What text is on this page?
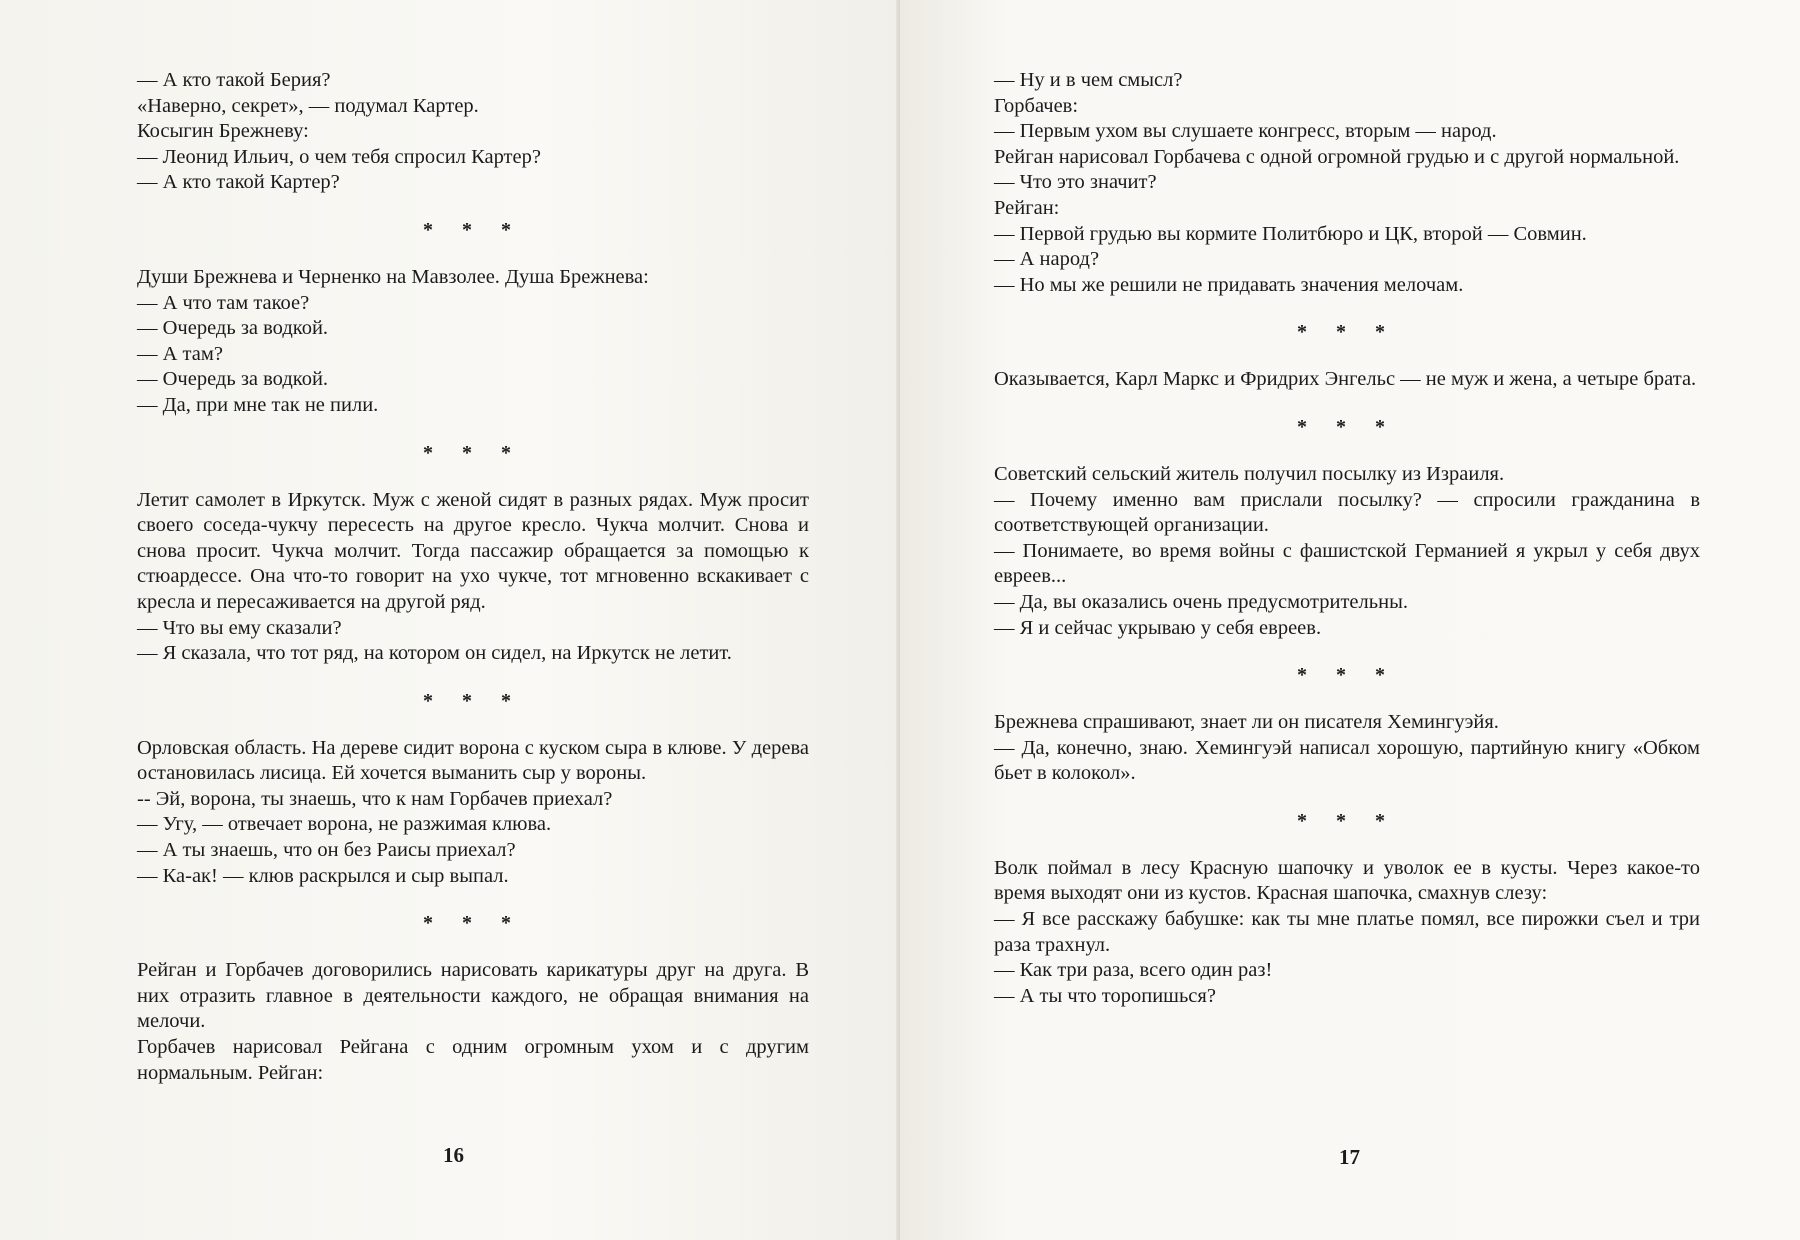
— А кто такой Берия?

«Наверно, секрет», — подумал Картер.

Косыгин Брежневу:

— Леонид Ильич, о чем тебя спросил Картер?

— А кто такой Картер?

* * *

Души Брежнева и Черненко на Мавзолее. Душа Брежнева:

— А что там такое?

— Очередь за водкой.

— А там?

— Очередь за водкой.

— Да, при мне так не пили.

* * *

Летит самолет в Иркутск. Муж с женой сидят в разных рядах. Муж просит своего соседа-чукчу пересесть на другое кресло. Чукча молчит. Снова и снова просит. Чукча молчит. Тогда пассажир обращается за помощью к стюардессе. Она что-то говорит на ухо чукче, тот мгновенно вскакивает с кресла и пересаживается на другой ряд.

— Что вы ему сказали?

— Я сказала, что тот ряд, на котором он сидел, на Иркутск не летит.

* * *

Орловская область. На дереве сидит ворона с куском сыра в клюве. У дерева остановилась лисица. Ей хочется выманить сыр у вороны.

-- Эй, ворона, ты знаешь, что к нам Горбачев приехал?

— Угу, — отвечает ворона, не разжимая клюва.

— А ты знаешь, что он без Раисы приехал?

— Ка-ак! — клюв раскрылся и сыр выпал.

* * *

Рейган и Горбачев договорились нарисовать карикатуры друг на друга. В них отразить главное в деятельности каждого, не обращая внимания на мелочи.

Горбачев нарисовал Рейгана с одним огромным ухом и с другим нормальным. Рейган:

16

— Ну и в чем смысл?

Горбачев:

— Первым ухом вы слушаете конгресс, вторым — народ.

Рейган нарисовал Горбачева с одной огромной грудью и с другой нормальной.

— Что это значит?

Рейган:

— Первой грудью вы кормите Политбюро и ЦК, второй — Совмин.

— А народ?

— Но мы же решили не придавать значения мелочам.

* * *

Оказывается, Карл Маркс и Фридрих Энгельс — не муж и жена, а четыре брата.

* * *

Советский сельский житель получил посылку из Израиля.

— Почему именно вам прислали посылку? — спросили гражданина в соответствующей организации.

— Понимаете, во время войны с фашистской Германией я укрыл у себя двух евреев...

— Да, вы оказались очень предусмотрительны.

— Я и сейчас укрываю у себя евреев.

* * *

Брежнева спрашивают, знает ли он писателя Хемингуэйя.

— Да, конечно, знаю. Хемингуэй написал хорошую, партийную книгу «Обком бьет в колокол».

* * *

Волк поймал в лесу Красную шапочку и уволок ее в кусты. Через какое-то время выходят они из кустов. Красная шапочка, смахнув слезу:

— Я все расскажу бабушке: как ты мне платье помял, все пирожки съел и три раза трахнул.

— Как три раза, всего один раз!

— А ты что торопишься?

17
